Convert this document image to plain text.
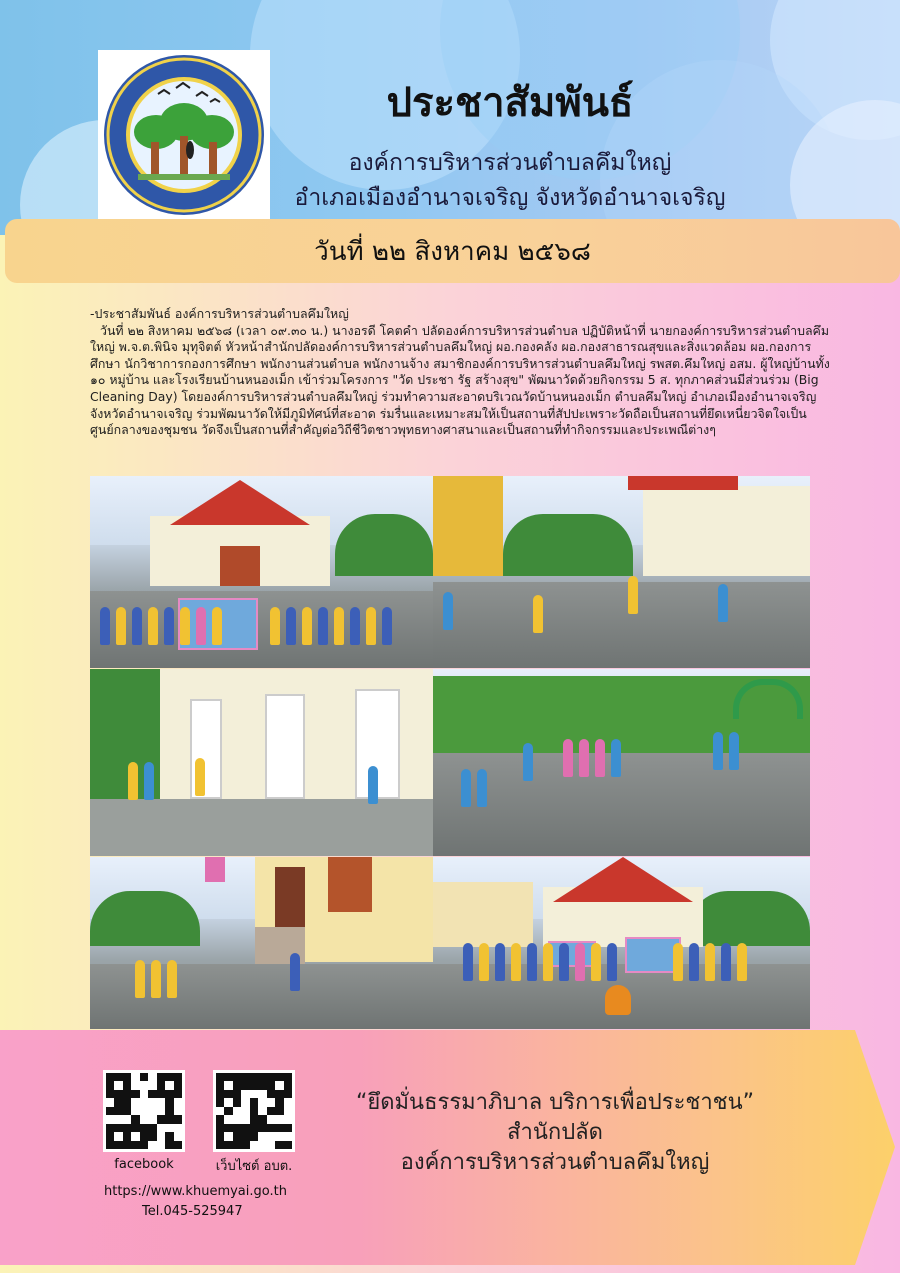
ประชาสัมพันธ์
องค์การบริหารส่วนตำบลคึมใหญ่
อำเภอเมืองอำนาจเจริญ จังหวัดอำนาจเจริญ
วันที่ ๒๒ สิงหาคม ๒๕๖๘

-ประชาสัมพันธ์ องค์การบริหารส่วนตำบลคึมใหญ่

วันที่ ๒๒ สิงหาคม ๒๕๖๘ (เวลา ๐๙.๓๐ น.) นางอรดี โคตคำ ปลัดองค์การบริหารส่วนตำบล ปฏิบัติหน้าที่ นายกองค์การบริหารส่วนตำบลคึมใหญ่ พ.จ.ต.พินิจ มุทุจิตต์ หัวหน้าสำนักปลัดองค์การบริหารส่วนตำบลคึมใหญ่ ผอ.กองคลัง ผอ.กองสาธารณสุขและสิ่งแวดล้อม ผอ.กองการศึกษา นักวิชาการกองการศึกษา พนักงานส่วนตำบล พนักงานจ้าง สมาชิกองค์การบริหารส่วนตำบลคึมใหญ่ รพสต.คึมใหญ่ อสม. ผู้ใหญ่บ้านทั้ง ๑๐ หมู่บ้าน และโรงเรียนบ้านหนองเม็ก เข้าร่วมโครงการ "วัด ประชา รัฐ สร้างสุข" พัฒนาวัดด้วยกิจกรรม 5 ส. ทุกภาคส่วนมีส่วนร่วม (Big Cleaning Day) โดยองค์การบริหารส่วนตำบลคึมใหญ่ ร่วมทำความสะอาดบริเวณวัดบ้านหนองเม็ก ตำบลคึมใหญ่ อำเภอเมืองอำนาจเจริญ จังหวัดอำนาจเจริญ ร่วมพัฒนาวัดให้มีภูมิทัศน์ที่สะอาด ร่มรื่นและเหมาะสมให้เป็นสถานที่สัปปะเพราะวัดถือเป็นสถานที่ยึดเหนี่ยวจิตใจเป็นศูนย์กลางของชุมชน วัดจึงเป็นสถานที่สำคัญต่อวิถีชีวิตชาวพุทธทางศาสนาและเป็นสถานที่ทำกิจกรรมและประเพณีต่างๆ

facebook	เว็บไซต์ อบต.
https://www.khuemyai.go.th
Tel.045-525947
“ยึดมั่นธรรมาภิบาล บริการเพื่อประชาชน”
สำนักปลัด
องค์การบริหารส่วนตำบลคึมใหญ่
